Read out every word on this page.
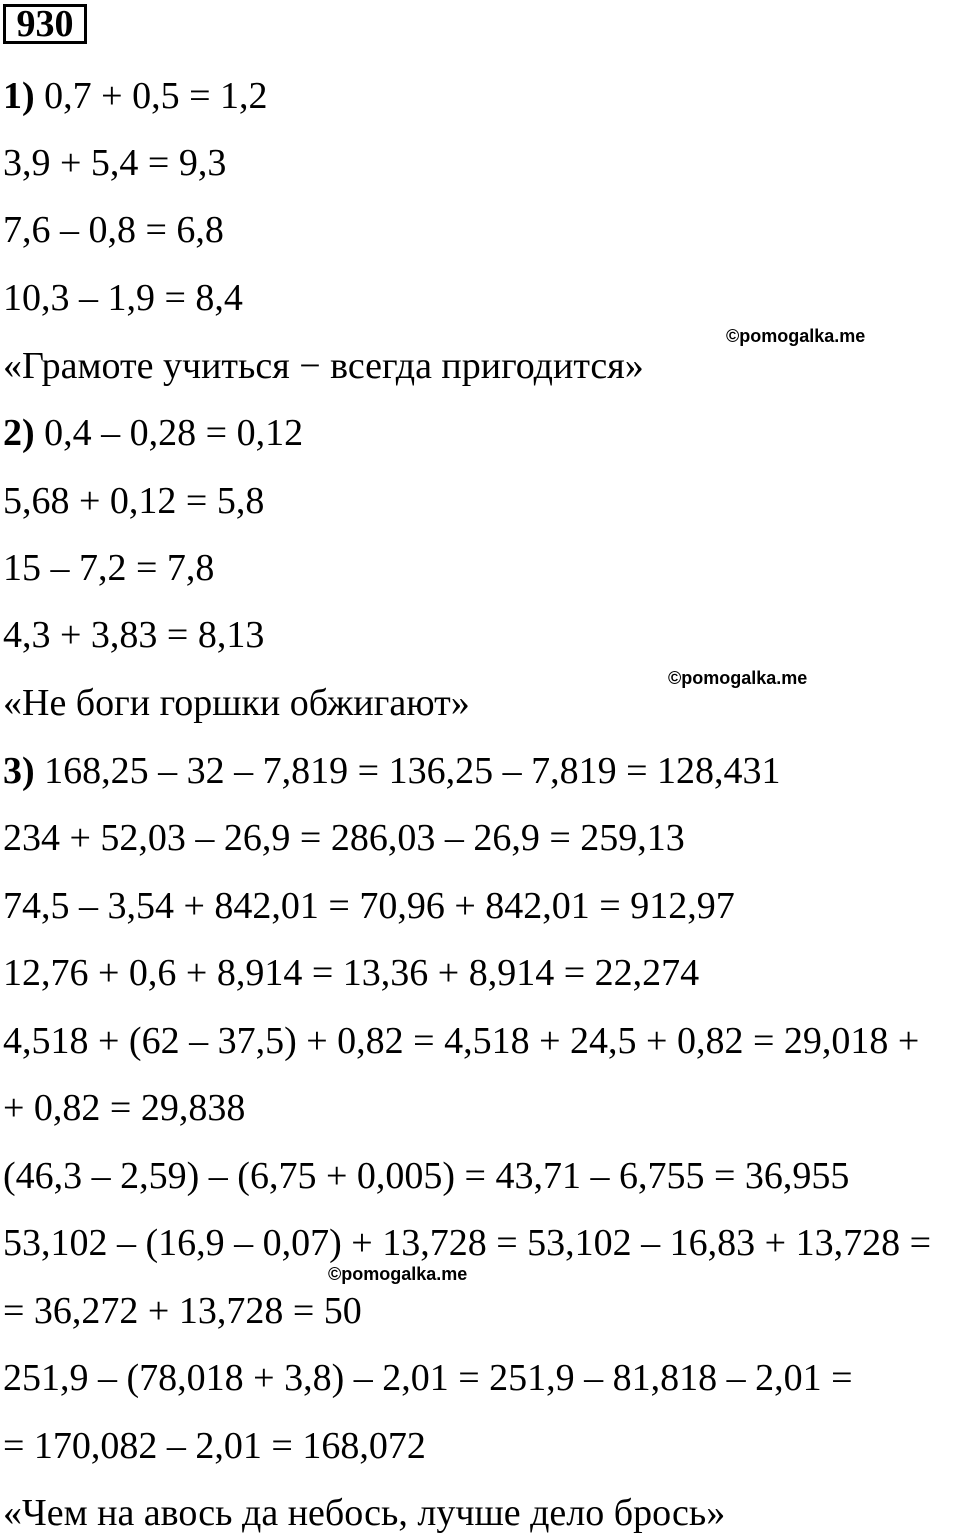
930
1) 0,7 + 0,5 = 1,2
3,9 + 5,4 = 9,3
7,6 – 0,8 = 6,8
10,3 – 1,9 = 8,4
«Грамоте учиться − всегда пригодится»
2) 0,4 – 0,28 = 0,12
5,68 + 0,12 = 5,8
15 – 7,2 = 7,8
4,3 + 3,83 = 8,13
«Не боги горшки обжигают»
3) 168,25 – 32 – 7,819 = 136,25 – 7,819 = 128,431
234 + 52,03 – 26,9 = 286,03 – 26,9 = 259,13
74,5 – 3,54 + 842,01 = 70,96 + 842,01 = 912,97
12,76 + 0,6 + 8,914 = 13,36 + 8,914 = 22,274
4,518 + (62 – 37,5) + 0,82 = 4,518 + 24,5 + 0,82 = 29,018 +
+ 0,82 = 29,838
(46,3 – 2,59) – (6,75 + 0,005) = 43,71 – 6,755 = 36,955
53,102 – (16,9 – 0,07) + 13,728 = 53,102 – 16,83 + 13,728 =
= 36,272 + 13,728 = 50
251,9 – (78,018 + 3,8) – 2,01 = 251,9 – 81,818 – 2,01 =
= 170,082 – 2,01 = 168,072
«Чем на авось да небось, лучше дело брось»
©pomogalka.me
©pomogalka.me
©pomogalka.me
